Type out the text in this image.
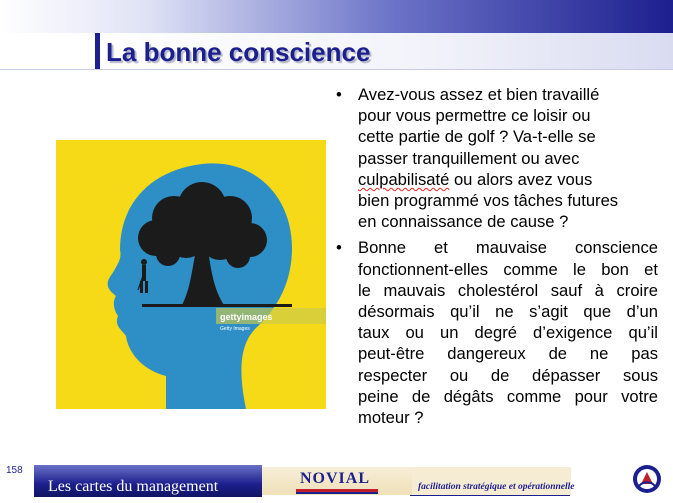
La bonne conscience
gettyimages
Getty Images
• Avez-vous assez et bien travaillé
pour vous permettre ce loisir ou
cette partie de golf ? Va-t-elle se
passer tranquillement ou avec
culpabilisaté ou alors avez vous
bien programmé vos tâches futures
en connaissance de cause ?
• Bonne et mauvaise conscience
fonctionnent-elles comme le bon et
le mauvais cholestérol sauf à croire
désormais qu’il ne s’agit que d’un
taux ou un degré d’exigence qu’il
peut-être dangereux de ne pas
respecter ou de dépasser sous
peine de dégâts comme pour votre
moteur ?
158
Les cartes du management	NOVIAL	facilitation stratégique et opérationnelle
